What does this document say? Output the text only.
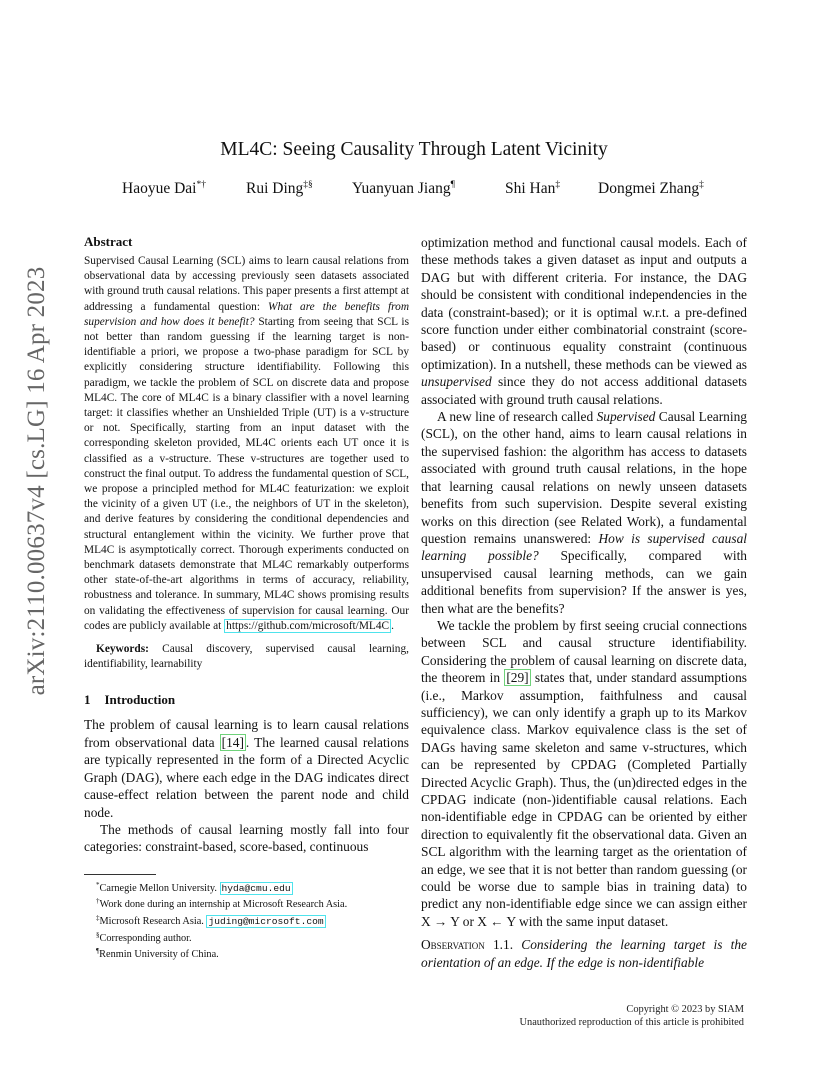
arXiv:2110.00637v4 [cs.LG] 16 Apr 2023
ML4C: Seeing Causality Through Latent Vicinity
Haoyue Dai*†	Rui Ding‡§	Yuanyuan Jiang¶	Shi Han‡ Dongmei Zhang‡
Abstract

Supervised Causal Learning (SCL) aims to learn causal relations from observational data by accessing previously seen datasets associated with ground truth causal relations. This paper presents a first attempt at addressing a fundamental question: What are the benefits from supervision and how does it benefit? Starting from seeing that SCL is not better than random guessing if the learning target is non-identifiable a priori, we propose a two-phase paradigm for SCL by explicitly considering structure identifiability. Following this paradigm, we tackle the problem of SCL on discrete data and propose ML4C. The core of ML4C is a binary classifier with a novel learning target: it classifies whether an Unshielded Triple (UT) is a v-structure or not. Specifically, starting from an input dataset with the corresponding skeleton provided, ML4C orients each UT once it is classified as a v-structure. These v-structures are together used to construct the final output. To address the fundamental question of SCL, we propose a principled method for ML4C featurization: we exploit the vicinity of a given UT (i.e., the neighbors of UT in the skeleton), and derive features by considering the conditional dependencies and structural entanglement within the vicinity. We further prove that ML4C is asymptotically correct. Thorough experiments conducted on benchmark datasets demonstrate that ML4C remarkably outperforms other state-of-the-art algorithms in terms of accuracy, reliability, robustness and tolerance. In summary, ML4C shows promising results on validating the effectiveness of supervision for causal learning. Our codes are publicly available at https://github.com/microsoft/ML4C .

Keywords: Causal discovery, supervised causal learning, identifiability, learnability

1 Introduction

The problem of causal learning is to learn causal relations from observational data [14] . The learned causal relations are typically represented in the form of a Directed Acyclic Graph (DAG), where each edge in the DAG indicates direct cause-effect relation between the parent node and child node.

The methods of causal learning mostly fall into four categories: constraint-based, score-based, continuous

*Carnegie Mellon University. hyda@cmu.edu

†Work done during an internship at Microsoft Research Asia.

‡Microsoft Research Asia. juding@microsoft.com

§Corresponding author.

¶Renmin University of China.

optimization method and functional causal models. Each of these methods takes a given dataset as input and outputs a DAG but with different criteria. For instance, the DAG should be consistent with conditional independencies in the data (constraint-based); or it is optimal w.r.t. a pre-defined score function under either combinatorial constraint (score-based) or continuous equality constraint (continuous optimization). In a nutshell, these methods can be viewed as unsupervised since they do not access additional datasets associated with ground truth causal relations.

A new line of research called Supervised Causal Learning (SCL), on the other hand, aims to learn causal relations in the supervised fashion: the algorithm has access to datasets associated with ground truth causal relations, in the hope that learning causal relations on newly unseen datasets benefits from such supervision. Despite several existing works on this direction (see Related Work), a fundamental question remains unanswered: How is supervised causal learning possible? Specifically, compared with unsupervised causal learning methods, can we gain additional benefits from supervision? If the answer is yes, then what are the benefits?

We tackle the problem by first seeing crucial connections between SCL and causal structure identifiability. Considering the problem of causal learning on discrete data, the theorem in [29] states that, under standard assumptions (i.e., Markov assumption, faithfulness and causal sufficiency), we can only identify a graph up to its Markov equivalence class. Markov equivalence class is the set of DAGs having same skeleton and same v-structures, which can be represented by CPDAG (Completed Partially Directed Acyclic Graph). Thus, the (un)directed edges in the CPDAG indicate (non-)identifiable causal relations. Each non-identifiable edge in CPDAG can be oriented by either direction to equivalently fit the observational data. Given an SCL algorithm with the learning target as the orientation of an edge, we see that it is not better than random guessing (or could be worse due to sample bias in training data) to predict any non-identifiable edge since we can assign either X → Y or X ← Y with the same input dataset.

Observation 1.1. Considering the learning target is the orientation of an edge. If the edge is non-identifiable

Copyright © 2023 by SIAM
Unauthorized reproduction of this article is prohibited
